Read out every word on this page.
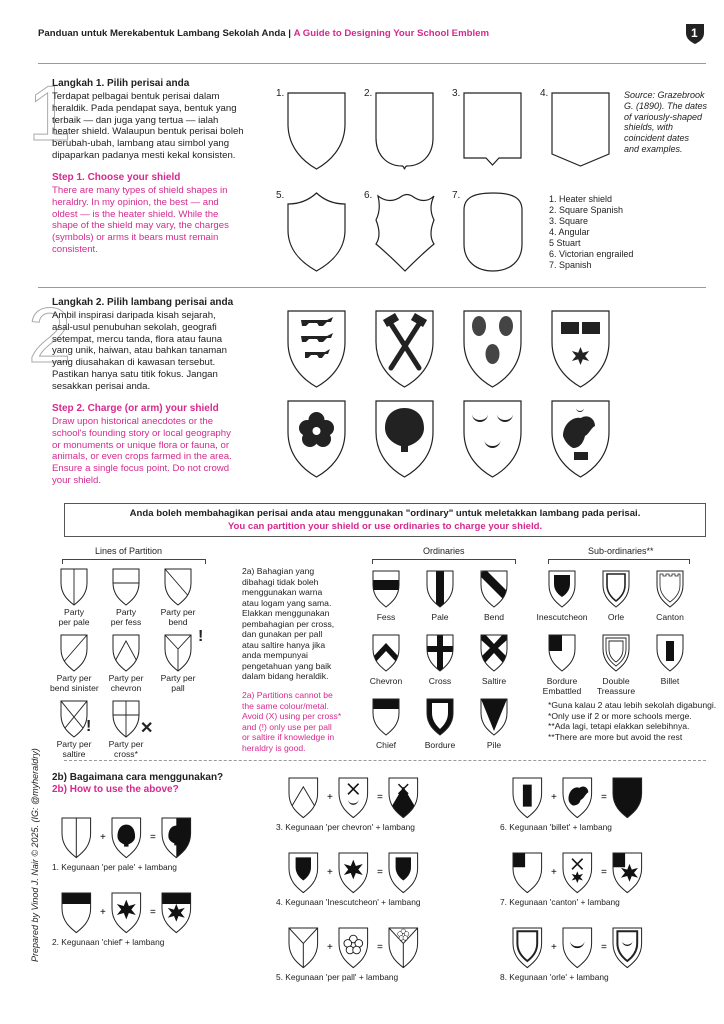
Panduan untuk Merekabentuk Lambang Sekolah Anda | A Guide to Designing Your School Emblem	1
1
Langkah 1. Pilih perisai anda
Terdapat pelbagai bentuk perisai dalam
heraldik. Pada pendapat saya, bentuk yang
terbaik — dan juga yang tertua — ialah
heater shield. Walaupun bentuk perisai boleh
berubah-ubah, lambang atau simbol yang
dipaparkan padanya mesti kekal konsisten.
Step 1. Choose your shield
There are many types of shield shapes in
heraldry. In my opinion, the best — and
oldest — is the heater shield. While the
shape of the shield may vary, the charges
(symbols) or arms it bears must remain
consistent.
1.	2.	3.	4.
5.	6.	7.
Source: Grazebrook
G. (1890). The dates
of variously-shaped
shields, with
coincident dates
and examples.
1. Heater shield
2. Square Spanish
3. Square
4. Angular
5 Stuart
6. Victorian engrailed
7. Spanish
2
Langkah 2. Pilih lambang perisai anda
Ambil inspirasi daripada kisah sejarah,
asal-usul penubuhan sekolah, geografi
setempat, mercu tanda, flora atau fauna
yang unik, haiwan, atau bahkan tanaman
yang diusahakan di kawasan tersebut.
Pastikan hanya satu titik fokus. Jangan
sesakkan perisai anda.
Step 2. Charge (or arm) your shield
Draw upon historical anecdotes or the
school's founding story or local geography
or monuments or unique flora or fauna, or
animals, or even crops farmed in the area.
Ensure a single focus point. Do not crowd
your shield.
Anda boleh membahagikan perisai anda atau menggunakan "ordinary" untuk meletakkan lambang pada perisai.
You can partition your shield or use ordinaries to charge your shield.
Lines of Partition
Party
per pale
Party
per fess
Party per
bend
Party per
bend sinister
Party per
chevron
Party per
pall
Party per
saltire
Party per
cross*
!
!	✕
2a) Bahagian yang
dibahagi tidak boleh
menggunakan warna
atau logam yang sama.
Elakkan menggunakan
pembahagian per cross,
dan gunakan per pall
atau saltire hanya jika
anda mempunyai
pengetahuan yang baik
dalam bidang heraldik.
2a) Partitions cannot be
the same colour/metal.
Avoid (X) using per cross*
and (!) only use per pall
or saltire if knowledge in
heraldry is good.
Ordinaries
Fess	Pale	Bend
Chevron	Cross	Saltire
Chief	Bordure	Pile
Sub-ordinaries**
Inescutcheon	Orle	Canton
Bordure
Embattled
Double
Treassure
Billet
*Guna kalau 2 atau lebih sekolah digabungi.
*Only use if 2 or more schools merge.
**Ada lagi, tetapi elakkan selebihnya.
**There are more but avoid the rest
2b) Bagaimana cara menggunakan?
2b) How to use the above?
+	=
+	=
+	=
+	=
+	=
+	=
+	=
+	=
1. Kegunaan 'per pale' + lambang
2. Kegunaan 'chief' + lambang
3. Kegunaan 'per chevron' + lambang
4. Kegunaan 'Inescutcheon' + lambang
5. Kegunaan 'per pall' + lambang
6. Kegunaan 'billet' + lambang
7. Kegunaan 'canton' + lambang
8. Kegunaan 'orle' + lambang
Prepared by Vinod J. Nair © 2025. (IG: @myheraldry)
